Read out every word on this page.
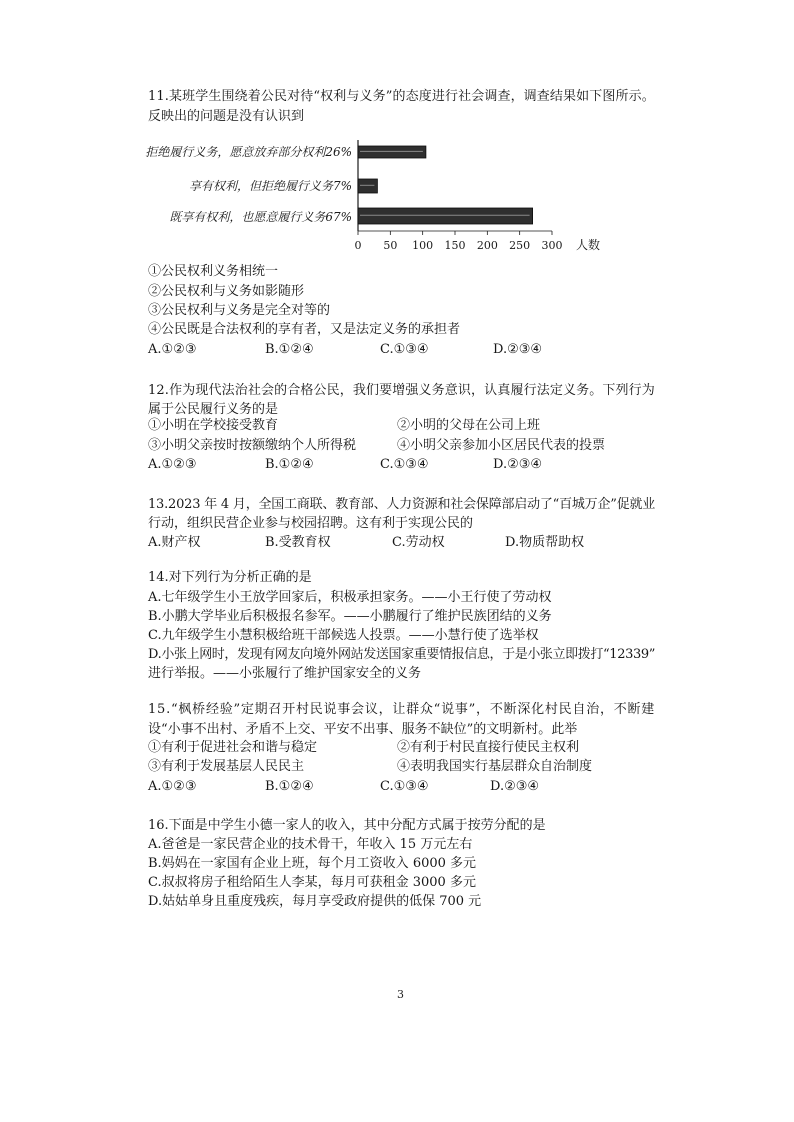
11.某班学生围绕着公民对待“权利与义务”的态度进行社会调查，调查结果如下图所示。
反映出的问题是没有认识到
拒绝履行义务，愿意放弃部分权利26%
享有权利，但拒绝履行义务7%
既享有权利，也愿意履行义务67%
0 50 100 150 200 250 300 人数
①公民权利义务相统一
②公民权利与义务如影随形
③公民权利与义务是完全对等的
④公民既是合法权利的享有者，又是法定义务的承担者
A.①②③	B.①②④	C.①③④	D.②③④
12.作为现代法治社会的合格公民，我们要增强义务意识，认真履行法定义务。下列行为
属于公民履行义务的是
①小明在学校接受教育	②小明的父母在公司上班
③小明父亲按时按额缴纳个人所得税	④小明父亲参加小区居民代表的投票
A.①②③	B.①②④	C.①③④	D.②③④
13.2023 年 4 月，全国工商联、教育部、人力资源和社会保障部启动了“百城万企”促就业
行动，组织民营企业参与校园招聘。这有利于实现公民的
A.财产权	B.受教育权	C.劳动权	D.物质帮助权
14.对下列行为分析正确的是
A.七年级学生小王放学回家后，积极承担家务。——小王行使了劳动权
B.小鹏大学毕业后积极报名参军。——小鹏履行了维护民族团结的义务
C.九年级学生小慧积极给班干部候选人投票。——小慧行使了选举权
D.小张上网时，发现有网友向境外网站发送国家重要情报信息，于是小张立即拨打“12339”
进行举报。——小张履行了维护国家安全的义务
15.“枫桥经验”定期召开村民说事会议，让群众“说事”，不断深化村民自治，不断建
设“小事不出村、矛盾不上交、平安不出事、服务不缺位”的文明新村。此举
①有利于促进社会和谐与稳定	②有利于村民直接行使民主权利
③有利于发展基层人民民主	④表明我国实行基层群众自治制度
A.①②③	B.①②④	C.①③④	D.②③④
16.下面是中学生小德一家人的收入，其中分配方式属于按劳分配的是
A.爸爸是一家民营企业的技术骨干，年收入 15 万元左右
B.妈妈在一家国有企业上班，每个月工资收入 6000 多元
C.叔叔将房子租给陌生人李某，每月可获租金 3000 多元
D.姑姑单身且重度残疾，每月享受政府提供的低保 700 元
3
